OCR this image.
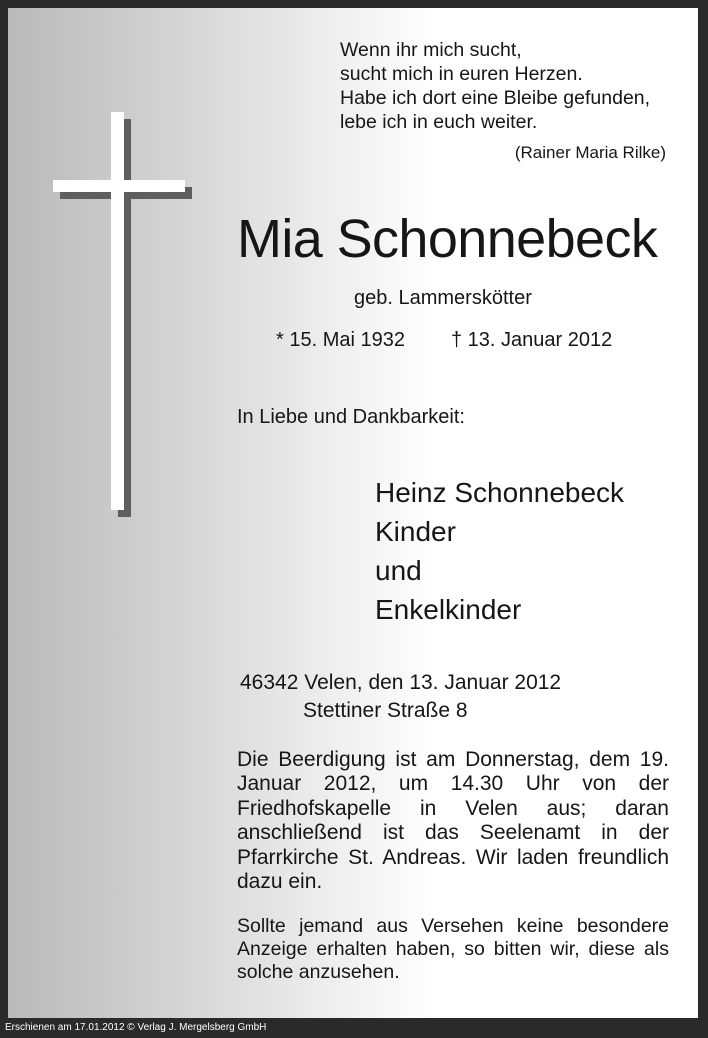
Wenn ihr mich sucht,
sucht mich in euren Herzen.
Habe ich dort eine Bleibe gefunden,
lebe ich in euch weiter.
(Rainer Maria Rilke)
Mia Schonnebeck
geb. Lammerskötter
* 15. Mai 1932 † 13. Januar 2012
In Liebe und Dankbarkeit:
Heinz Schonnebeck
Kinder
und
Enkelkinder
46342 Velen, den 13. Januar 2012
Stettiner Straße 8
Die Beerdigung ist am Donnerstag, dem 19. Januar 2012, um 14.30 Uhr von der Friedhofskapelle in Velen aus; daran anschließend ist das Seelenamt in der Pfarrkirche St. Andreas. Wir laden freundlich dazu ein.
Sollte jemand aus Versehen keine besondere Anzeige erhalten haben, so bitten wir, diese als solche anzusehen.
Erschienen am 17.01.2012 © Verlag J. Mergelsberg GmbH
